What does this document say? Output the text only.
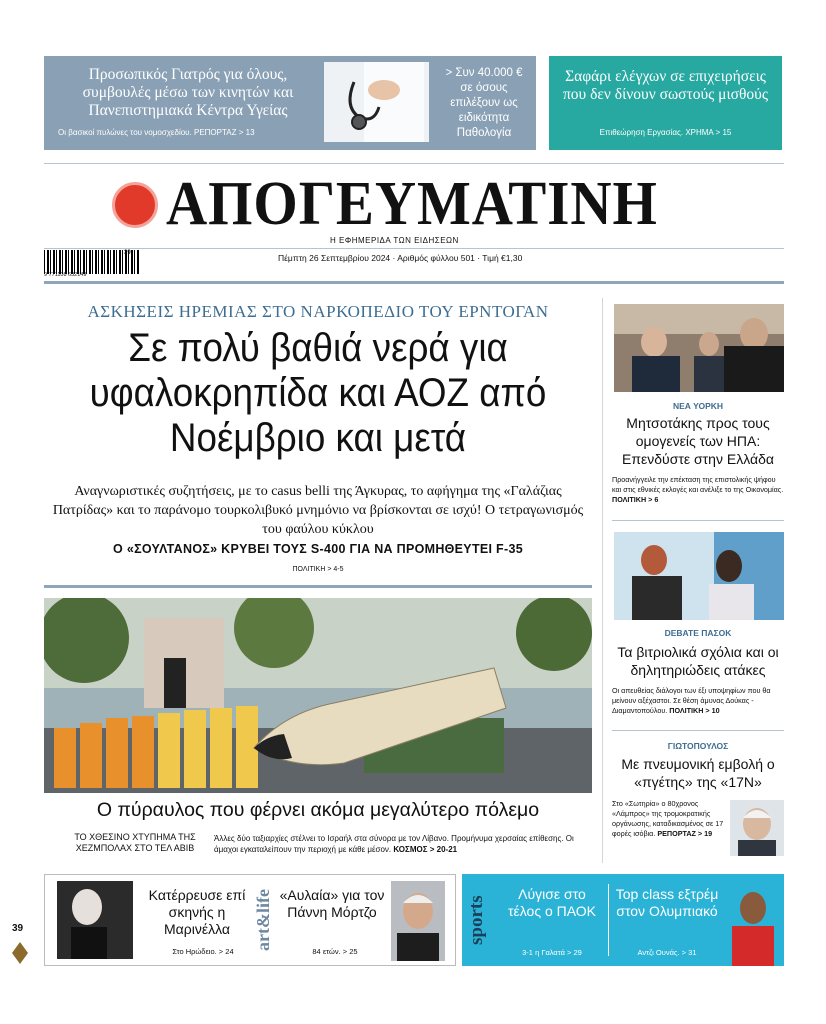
Προσωπικός Γιατρός για όλους, συμβουλές μέσω των κινητών και Πανεπιστημιακά Κέντρα Υγείας
Οι βασικοί πυλώνες του νομοσχεδίου. ΡΕΠΟΡΤΑΖ > 13
> Συν 40.000 € σε όσους επιλέξουν ως ειδικότητα Παθολογία
Σαφάρι ελέγχων σε επιχειρήσεις που δεν δίνουν σωστούς μισθούς
Επιθεώρηση Εργασίας. ΧΡΗΜΑ > 15
ΑΠΟΓΕΥΜΑΤΙΝΗ
Η ΕΦΗΜΕΡΙΔΑ ΤΩΝ ΕΙΔΗΣΕΩΝ
9 771108 632149
39	Πέμπτη 26 Σεπτεμβρίου 2024 · Αριθμός φύλλου 501 · Τιμή €1,30
ΑΣΚΗΣΕΙΣ ΗΡΕΜΙΑΣ ΣΤΟ ΝΑΡΚΟΠΕΔΙΟ ΤΟΥ ΕΡΝΤΟΓΑΝ
Σε πολύ βαθιά νερά για υφαλοκρηπίδα και ΑΟΖ από Νοέμβριο και μετά
Αναγνωριστικές συζητήσεις, με το casus belli της Άγκυρας, το αφήγημα της «Γαλάζιας Πατρίδας» και το παράνομο τουρκολιβυκό μνημόνιο να βρίσκονται σε ισχύ! Ο τετραγωνισμός του φαύλου κύκλου
Ο «ΣΟΥΛΤΑΝΟΣ» ΚΡΥΒΕΙ ΤΟΥΣ S-400 ΓΙΑ ΝΑ ΠΡΟΜΗΘΕΥΤΕΙ F-35
ΠΟΛΙΤΙΚΗ > 4-5
Ο πύραυλος που φέρνει ακόμα μεγαλύτερο πόλεμο
ΤΟ ΧΘΕΣΙΝΟ ΧΤΥΠΗΜΑ ΤΗΣ ΧΕΖΜΠΟΛΑΧ ΣΤΟ ΤΕΛ ΑΒΙΒ
Άλλες δύο ταξιαρχίες στέλνει το Ισραήλ στα σύνορα με τον Λίβανο. Προμήνυμα χερσαίας επίθεσης. Οι άμαχοι εγκαταλείπουν την περιοχή με κάθε μέσον. ΚΟΣΜΟΣ > 20-21
ΝΕΑ ΥΟΡΚΗ
Μητσοτάκης προς τους ομογενείς των ΗΠΑ: Επενδύστε στην Ελλάδα
Προανήγγειλε την επέκταση της επιστολικής ψήφου και στις εθνικές εκλογές και ανέλιξε το της Οικονομίας. ΠΟΛΙΤΙΚΗ > 6
DEBATE ΠΑΣΟΚ
Τα βιτριολικά σχόλια και οι δηλητηριώδεις ατάκες
Οι απευθείας διάλογοι των έξι υποψηφίων που θα μείνουν αξέχαστοι. Σε θέση άμυνας Δούκας - Διαμαντοπούλου. ΠΟΛΙΤΙΚΗ > 10
ΓΙΩΤΟΠΟΥΛΟΣ
Με πνευμονική εμβολή ο «πγέτης» της «17Ν»
Στο «Σωτηρία» ο 80χρονος «Λάμπρος» της τρομοκρατικής οργάνωσης, καταδικασμένος σε 17 φορές ισόβια. ΡΕΠΟΡΤΑΖ > 19
Κατέρρευσε επί σκηνής η Μαρινέλλα
Στο Ηρώδειο. > 24
art&life «Αυλαία» για τον Πάννη Μόρτζο
84 ετών. > 25
sports
Λύγισε στο τέλος ο ΠΑΟΚ
3-1 η Γαλατά > 29
Top class εξτρέμ στον Ολυμπιακό
Αντζι Ουνάς. > 31
39
